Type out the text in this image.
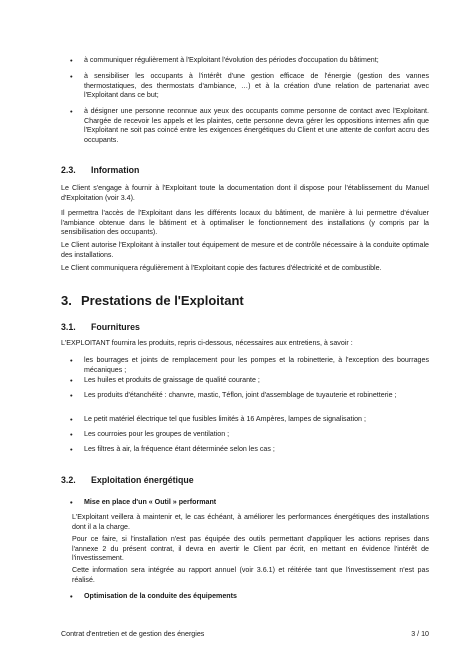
• à communiquer régulièrement à l'Exploitant l'évolution des périodes d'occupation du bâtiment;
• à sensibiliser les occupants à l'intérêt d'une gestion efficace de l'énergie (gestion des vannes thermostatiques, des thermostats d'ambiance, …) et à la création d'une relation de partenariat avec l'Exploitant dans ce but;
• à désigner une personne reconnue aux yeux des occupants comme personne de contact avec l'Exploitant. Chargée de recevoir les appels et les plaintes, cette personne devra gérer les oppositions internes afin que l'Exploitant ne soit pas coincé entre les exigences énergétiques du Client et une attente de confort accru des occupants.
2.3. Information
Le Client s'engage à fournir à l'Exploitant toute la documentation dont il dispose pour l'établissement du Manuel d'Exploitation (voir 3.4).
Il permettra l'accès de l'Exploitant dans les différents locaux du bâtiment, de manière à lui permettre d'évaluer l'ambiance obtenue dans le bâtiment et à optimaliser le fonctionnement des installations (y compris par la sensibilisation des occupants).
Le Client autorise l'Exploitant à installer tout équipement de mesure et de contrôle nécessaire à la conduite optimale des installations.
Le Client communiquera régulièrement à l'Exploitant copie des factures d'électricité et de combustible.
3. Prestations de l'Exploitant
3.1. Fournitures
L'EXPLOITANT fournira les produits, repris ci-dessous, nécessaires aux entretiens, à savoir :
• les bourrages et joints de remplacement pour les pompes et la robinetterie, à l'exception des bourrages mécaniques ;
• Les huiles et produits de graissage de qualité courante ;
• Les produits d'étanchéité : chanvre, mastic, Téflon, joint d'assemblage de tuyauterie et robinetterie ;
• Le petit matériel électrique tel que fusibles limités à 16 Ampères, lampes de signalisation ;
• Les courroies pour les groupes de ventilation ;
• Les filtres à air, la fréquence étant déterminée selon les cas ;
3.2. Exploitation énergétique
• Mise en place d'un « Outil » performant
L'Exploitant veillera à maintenir et, le cas échéant, à améliorer les performances énergétiques des installations dont il a la charge.
Pour ce faire, si l'installation n'est pas équipée des outils permettant d'appliquer les actions reprises dans l'annexe 2 du présent contrat, il devra en avertir le Client par écrit, en mettant en évidence l'intérêt de l'investissement.
Cette information sera intégrée au rapport annuel (voir 3.6.1) et réitérée tant que l'investissement n'est pas réalisé.
• Optimisation de la conduite des équipements
Contrat d'entretien et de gestion des énergies	3 / 10
